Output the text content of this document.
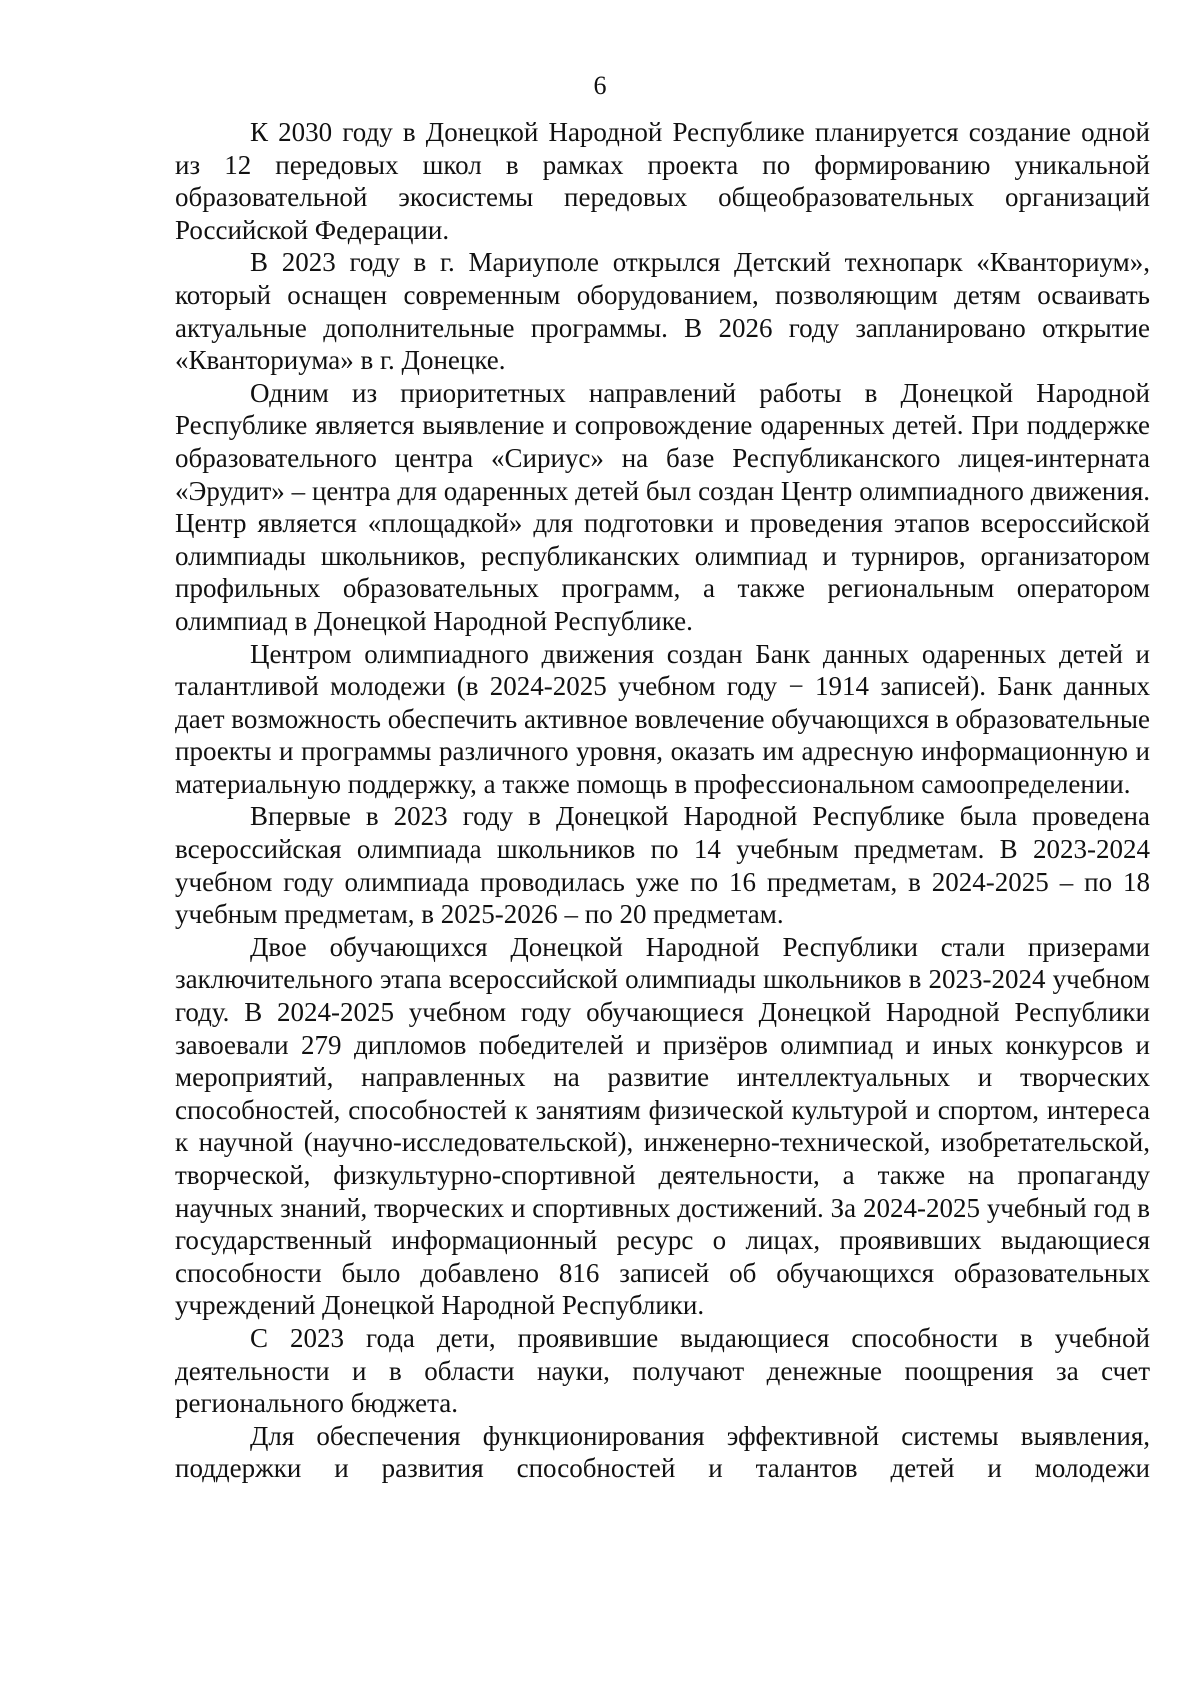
6

К 2030 году в Донецкой Народной Республике планируется создание одной из 12 передовых школ в рамках проекта по формированию уникальной образовательной экосистемы передовых общеобразовательных организаций Российской Федерации.

В 2023 году в г. Мариуполе открылся Детский технопарк «Кванториум», который оснащен современным оборудованием, позволяющим детям осваивать актуальные дополнительные программы. В 2026 году запланировано открытие «Кванториума» в г. Донецке.

Одним из приоритетных направлений работы в Донецкой Народной Республике является выявление и сопровождение одаренных детей. При поддержке образовательного центра «Сириус» на базе Республиканского лицея-интерната «Эрудит» – центра для одаренных детей был создан Центр олимпиадного движения. Центр является «площадкой» для подготовки и проведения этапов всероссийской олимпиады школьников, республиканских олимпиад и турниров, организатором профильных образовательных программ, а также региональным оператором олимпиад в Донецкой Народной Республике.

Центром олимпиадного движения создан Банк данных одаренных детей и талантливой молодежи (в 2024-2025 учебном году − 1914 записей). Банк данных дает возможность обеспечить активное вовлечение обучающихся в образовательные проекты и программы различного уровня, оказать им адресную информационную и материальную поддержку, а также помощь в профессиональном самоопределении.

Впервые в 2023 году в Донецкой Народной Республике была проведена всероссийская олимпиада школьников по 14 учебным предметам. В 2023-2024 учебном году олимпиада проводилась уже по 16 предметам, в 2024-2025 – по 18 учебным предметам, в 2025-2026 – по 20 предметам.

Двое обучающихся Донецкой Народной Республики стали призерами заключительного этапа всероссийской олимпиады школьников в 2023-2024 учебном году. В 2024-2025 учебном году обучающиеся Донецкой Народной Республики завоевали 279 дипломов победителей и призёров олимпиад и иных конкурсов и мероприятий, направленных на развитие интеллектуальных и творческих способностей, способностей к занятиям физической культурой и спортом, интереса к научной (научно-исследовательской), инженерно-технической, изобретательской, творческой, физкультурно-спортивной деятельности, а также на пропаганду научных знаний, творческих и спортивных достижений. За 2024-2025 учебный год в государственный информационный ресурс о лицах, проявивших выдающиеся способности было добавлено 816 записей об обучающихся образовательных учреждений Донецкой Народной Республики.

С 2023 года дети, проявившие выдающиеся способности в учебной деятельности и в области науки, получают денежные поощрения за счет регионального бюджета.

Для обеспечения функционирования эффективной системы выявления, поддержки и развития способностей и талантов детей и молодежи
